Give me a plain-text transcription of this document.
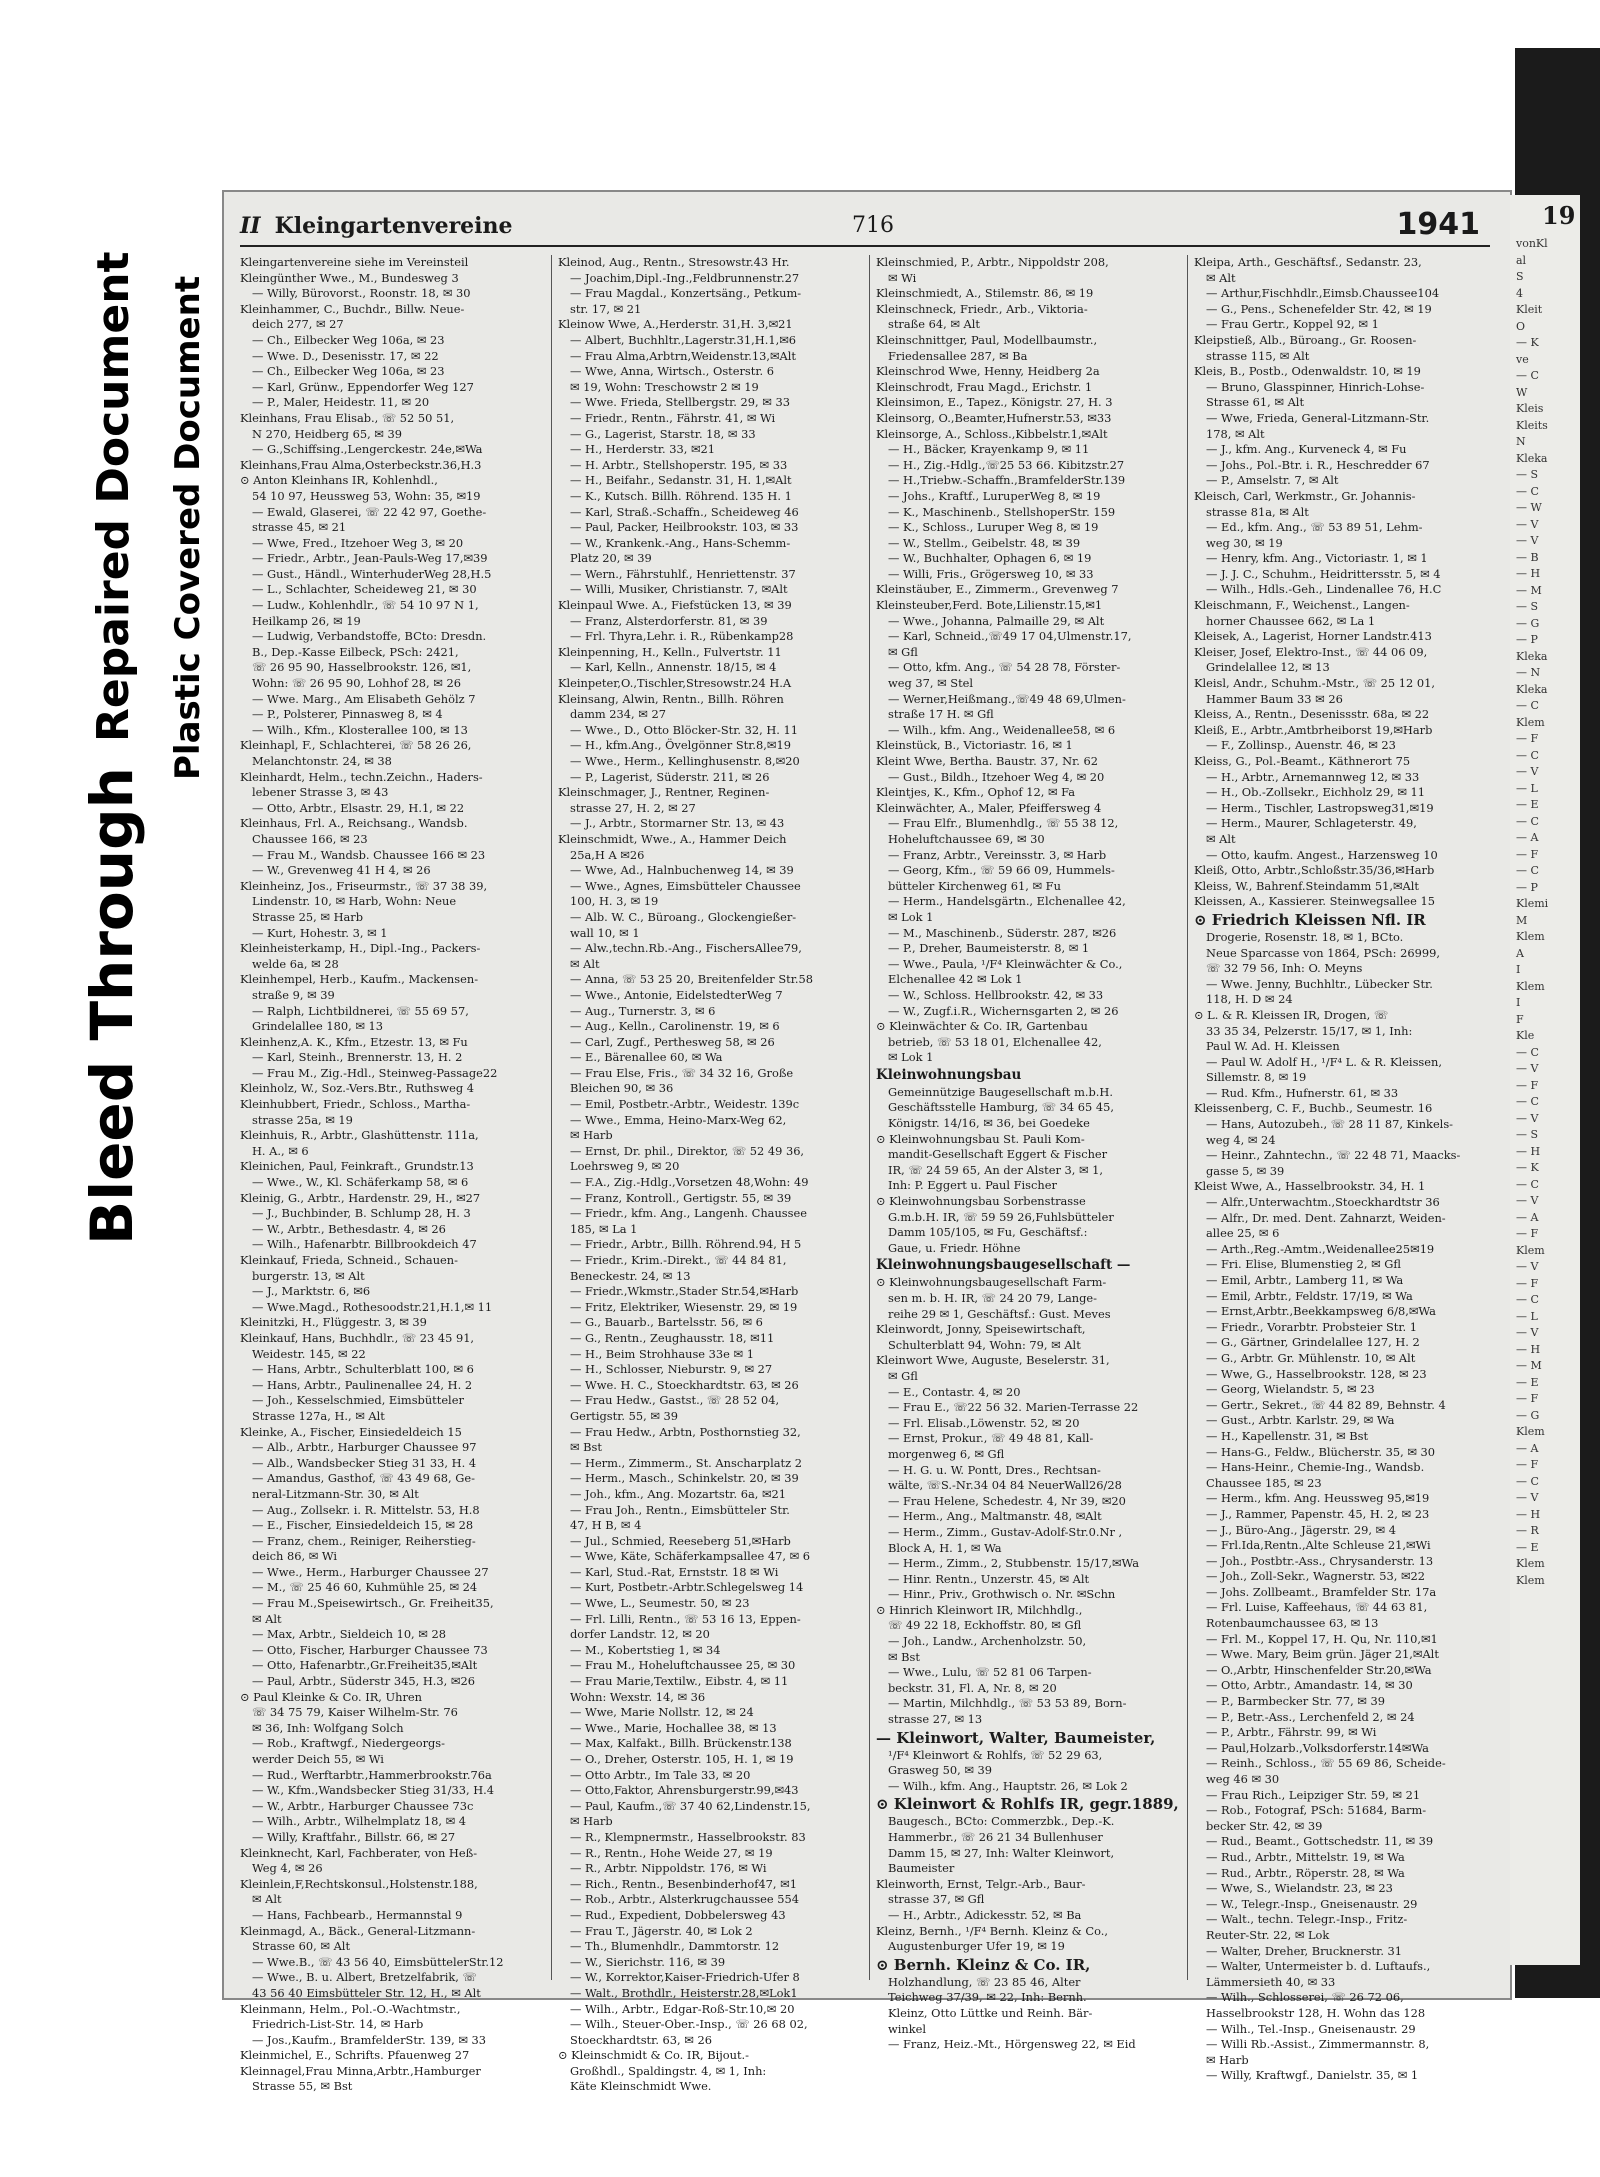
Bleed Through
Repaired Document Plastic Covered Document
19
vonKl
al
S
4
Kleit
O
— K
ve
— C
W
Kleis
Kleits
N
Kleka
— S
— C
— W
— V
— V
— B
— H
— M
— S
— G
— P
Kleka
— N
Kleka
— C
Klem
— F
— C
— V
— L
— E
— C
— A
— F
— C
— P
Klemi
M
Klem
A
I
Klem
I
F
Kle
— C
— V
— F
— C
— V
— S
— H
— K
— C
— V
— A
— F
Klem
— V
— F
— C
— L
— V
— H
— M
— E
— F
— G
Klem
— A
— F
— C
— V
— H
— R
— E
Klem
Klem
II Kleingartenvereine	716	1941
Kleingartenvereine siehe im Vereinsteil
Kleingünther Wwe., M., Bundesweg 3
— Willy, Bürovorst., Roonstr. 18, ✉ 30
Kleinhammer, C., Buchdr., Billw. Neue-
deich 277, ✉ 27
— Ch., Eilbecker Weg 106a, ✉ 23
— Wwe. D., Desenisstr. 17, ✉ 22
— Ch., Eilbecker Weg 106a, ✉ 23
— Karl, Grünw., Eppendorfer Weg 127
— P., Maler, Heidestr. 11, ✉ 20
Kleinhans, Frau Elisab., ☏ 52 50 51,
N 270, Heidberg 65, ✉ 39
— G.,Schiffsing.,Lengerckestr. 24e,✉Wa
Kleinhans,Frau Alma,Osterbeckstr.36,H.3
⊙ Anton Kleinhans IR, Kohlenhdl.,
54 10 97, Heussweg 53, Wohn: 35, ✉19
— Ewald, Glaserei, ☏ 22 42 97, Goethe-
strasse 45, ✉ 21
— Wwe, Fred., Itzehoer Weg 3, ✉ 20
— Friedr., Arbtr., Jean-Pauls-Weg 17,✉39
— Gust., Händl., WinterhuderWeg 28,H.5
— L., Schlachter, Scheideweg 21, ✉ 30
— Ludw., Kohlenhdlr., ☏ 54 10 97 N 1,
Heilkamp 26, ✉ 19
— Ludwig, Verbandstoffe, BCto: Dresdn.
B., Dep.-Kasse Eilbeck, PSch: 2421,
☏ 26 95 90, Hasselbrookstr. 126, ✉1,
Wohn: ☏ 26 95 90, Lohhof 28, ✉ 26
— Wwe. Marg., Am Elisabeth Gehölz 7
— P., Polsterer, Pinnasweg 8, ✉ 4
— Wilh., Kfm., Klosterallee 100, ✉ 13
Kleinhapl, F., Schlachterei, ☏ 58 26 26,
Melanchtonstr. 24, ✉ 38
Kleinhardt, Helm., techn.Zeichn., Haders-
lebener Strasse 3, ✉ 43
— Otto, Arbtr., Elsastr. 29, H.1, ✉ 22
Kleinhaus, Frl. A., Reichsang., Wandsb.
Chaussee 166, ✉ 23
— Frau M., Wandsb. Chaussee 166 ✉ 23
— W., Grevenweg 41 H 4, ✉ 26
Kleinheinz, Jos., Friseurmstr., ☏ 37 38 39,
Lindenstr. 10, ✉ Harb, Wohn: Neue
Strasse 25, ✉ Harb
— Kurt, Hohestr. 3, ✉ 1
Kleinheisterkamp, H., Dipl.-Ing., Packers-
welde 6a, ✉ 28
Kleinhempel, Herb., Kaufm., Mackensen-
straße 9, ✉ 39
— Ralph, Lichtbildnerei, ☏ 55 69 57,
Grindelallee 180, ✉ 13
Kleinhenz,A. K., Kfm., Etzestr. 13, ✉ Fu
— Karl, Steinh., Brennerstr. 13, H. 2
— Frau M., Zig.-Hdl., Steinweg-Passage22
Kleinholz, W., Soz.-Vers.Btr., Ruthsweg 4
Kleinhubbert, Friedr., Schloss., Martha-
strasse 25a, ✉ 19
Kleinhuis, R., Arbtr., Glashüttenstr. 111a,
H. A., ✉ 6
Kleinichen, Paul, Feinkraft., Grundstr.13
— Wwe., W., Kl. Schäferkamp 58, ✉ 6
Kleinig, G., Arbtr., Hardenstr. 29, H., ✉27
— J., Buchbinder, B. Schlump 28, H. 3
— W., Arbtr., Bethesdastr. 4, ✉ 26
— Wilh., Hafenarbtr. Billbrookdeich 47
Kleinkauf, Frieda, Schneid., Schauen-
burgerstr. 13, ✉ Alt
— J., Marktstr. 6, ✉6
— Wwe.Magd., Rothesoodstr.21,H.1,✉ 11
Kleinitzki, H., Flüggestr. 3, ✉ 39
Kleinkauf, Hans, Buchhdlr., ☏ 23 45 91,
Weidestr. 145, ✉ 22
— Hans, Arbtr., Schulterblatt 100, ✉ 6
— Hans, Arbtr., Paulinenallee 24, H. 2
— Joh., Kesselschmied, Eimsbütteler
Strasse 127a, H., ✉ Alt
Kleinke, A., Fischer, Einsiedeldeich 15
— Alb., Arbtr., Harburger Chaussee 97
— Alb., Wandsbecker Stieg 31 33, H. 4
— Amandus, Gasthof, ☏ 43 49 68, Ge-
neral-Litzmann-Str. 30, ✉ Alt
— Aug., Zollsekr. i. R. Mittelstr. 53, H.8
— E., Fischer, Einsiedeldeich 15, ✉ 28
— Franz, chem., Reiniger, Reiherstieg-
deich 86, ✉ Wi
— Wwe., Herm., Harburger Chaussee 27
— M., ☏ 25 46 60, Kuhmühle 25, ✉ 24
— Frau M.,Speisewirtsch., Gr. Freiheit35,
✉ Alt
— Max, Arbtr., Sieldeich 10, ✉ 28
— Otto, Fischer, Harburger Chaussee 73
— Otto, Hafenarbtr.,Gr.Freiheit35,✉Alt
— Paul, Arbtr., Süderstr 345, H.3, ✉26
⊙ Paul Kleinke & Co. IR, Uhren
☏ 34 75 79, Kaiser Wilhelm-Str. 76
✉ 36, Inh: Wolfgang Solch
— Rob., Kraftwgf., Niedergeorgs-
werder Deich 55, ✉ Wi
— Rud., Werftarbtr.,Hammerbrookstr.76a
— W., Kfm.,Wandsbecker Stieg 31/33, H.4
— W., Arbtr., Harburger Chaussee 73c
— Wilh., Arbtr., Wilhelmplatz 18, ✉ 4
— Willy, Kraftfahr., Billstr. 66, ✉ 27
Kleinknecht, Karl, Fachberater, von Heß-
Weg 4, ✉ 26
Kleinlein,F,Rechtskonsul.,Holstenstr.188,
✉ Alt
— Hans, Fachbearb., Hermannstal 9
Kleinmagd, A., Bäck., General-Litzmann-
Strasse 60, ✉ Alt
— Wwe.B., ☏ 43 56 40, EimsbüttelerStr.12
— Wwe., B. u. Albert, Bretzelfabrik, ☏
43 56 40 Eimsbütteler Str. 12, H., ✉ Alt
Kleinmann, Helm., Pol.-O.-Wachtmstr.,
Friedrich-List-Str. 14, ✉ Harb
— Jos.,Kaufm., BramfelderStr. 139, ✉ 33
Kleinmichel, E., Schrifts. Pfauenweg 27
Kleinnagel,Frau Minna,Arbtr.,Hamburger
Strasse 55, ✉ Bst
Kleinod, Aug., Rentn., Stresowstr.43 Hr.
— Joachim,Dipl.-Ing.,Feldbrunnenstr.27
— Frau Magdal., Konzertsäng., Petkum-
str. 17, ✉ 21
Kleinow Wwe, A.,Herderstr. 31,H. 3,✉21
— Albert, Buchhltr.,Lagerstr.31,H.1,✉6
— Frau Alma,Arbtrn,Weidenstr.13,✉Alt
— Wwe, Anna, Wirtsch., Osterstr. 6
✉ 19, Wohn: Treschowstr 2 ✉ 19
— Wwe. Frieda, Stellbergstr. 29, ✉ 33
— Friedr., Rentn., Fährstr. 41, ✉ Wi
— G., Lagerist, Starstr. 18, ✉ 33
— H., Herderstr. 33, ✉21
— H. Arbtr., Stellshoperstr. 195, ✉ 33
— H., Beifahr., Sedanstr. 31, H. 1,✉Alt
— K., Kutsch. Billh. Röhrend. 135 H. 1
— Karl, Straß.-Schaffn., Scheideweg 46
— Paul, Packer, Heilbrookstr. 103, ✉ 33
— W., Krankenk.-Ang., Hans-Schemm-
Platz 20, ✉ 39
— Wern., Fährstuhlf., Henriettenstr. 37
— Willi, Musiker, Christianstr. 7, ✉Alt
Kleinpaul Wwe. A., Fiefstücken 13, ✉ 39
— Franz, Alsterdorferstr. 81, ✉ 39
— Frl. Thyra,Lehr. i. R., Rübenkamp28
Kleinpenning, H., Kelln., Fulvertstr. 11
— Karl, Kelln., Annenstr. 18/15, ✉ 4
Kleinpeter,O.,Tischler,Stresowstr.24 H.A
Kleinsang, Alwin, Rentn., Billh. Röhren
damm 234, ✉ 27
— Wwe., D., Otto Blöcker-Str. 32, H. 11
— H., kfm.Ang., Övelgönner Str.8,✉19
— Wwe., Herm., Kellinghusenstr. 8,✉20
— P., Lagerist, Süderstr. 211, ✉ 26
Kleinschmager, J., Rentner, Reginen-
strasse 27, H. 2, ✉ 27
— J., Arbtr., Stormarner Str. 13, ✉ 43
Kleinschmidt, Wwe., A., Hammer Deich
25a,H A ✉26
— Wwe, Ad., Halnbuchenweg 14, ✉ 39
— Wwe., Agnes, Eimsbütteler Chaussee
100, H. 3, ✉ 19
— Alb. W. C., Büroang., Glockengießer-
wall 10, ✉ 1
— Alw.,techn.Rb.-Ang., FischersAllee79,
✉ Alt
— Anna, ☏ 53 25 20, Breitenfelder Str.58
— Wwe., Antonie, EidelstedterWeg 7
— Aug., Turnerstr. 3, ✉ 6
— Aug., Kelln., Carolinenstr. 19, ✉ 6
— Carl, Zugf., Pertheswеg 58, ✉ 26
— E., Bärenallee 60, ✉ Wa
— Frau Else, Fris., ☏ 34 32 16, Große
Bleichen 90, ✉ 36
— Emil, Postbetr.-Arbtr., Weidestr. 139c
— Wwe., Emma, Heino-Marx-Weg 62,
✉ Harb
— Ernst, Dr. phil., Direktor, ☏ 52 49 36,
Loehrsweg 9, ✉ 20
— F.A., Zig.-Hdlg.,Vorsetzen 48,Wohn: 49
— Franz, Kontroll., Gertigstr. 55, ✉ 39
— Friedr., kfm. Ang., Langenh. Chaussee
185, ✉ La 1
— Friedr., Arbtr., Billh. Röhrend.94, H 5
— Friedr., Krim.-Direkt., ☏ 44 84 81,
Beneckestr. 24, ✉ 13
— Friedr.,Wkmstr.,Stader Str.54,✉Harb
— Fritz, Elektriker, Wiesenstr. 29, ✉ 19
— G., Bauarb., Bartelsstr. 56, ✉ 6
— G., Rentn., Zeughausstr. 18, ✉11
— H., Beim Strohhause 33e ✉ 1
— H., Schlosser, Nieburstr. 9, ✉ 27
— Wwe. H. C., Stoeckhardtstr. 63, ✉ 26
— Frau Hedw., Gastst., ☏ 28 52 04,
Gertigstr. 55, ✉ 39
— Frau Hedw., Arbtn, Posthornstieg 32,
✉ Bst
— Herm., Zimmerm., St. Anscharplatz 2
— Herm., Masch., Schinkelstr. 20, ✉ 39
— Joh., kfm., Ang. Mozartstr. 6a, ✉21
— Frau Joh., Rentn., Eimsbütteler Str.
47, H B, ✉ 4
— Jul., Schmied, Reeseberg 51,✉Harb
— Wwe, Käte, Schäferkampsallee 47, ✉ 6
— Karl, Stud.-Rat, Ernststr. 18 ✉ Wi
— Kurt, Postbetr.-Arbtr.Schlegelsweg 14
— Wwe, L., Seumestr. 50, ✉ 23
— Frl. Lilli, Rentn., ☏ 53 16 13, Eppen-
dorfer Landstr. 12, ✉ 20
— M., Kobertstieg 1, ✉ 34
— Frau M., Hoheluftchaussee 25, ✉ 30
— Frau Marie,Textilw., Eibstr. 4, ✉ 11
Wohn: Wexstr. 14, ✉ 36
— Wwe, Marie Nollstr. 12, ✉ 24
— Wwe., Marie, Hochallee 38, ✉ 13
— Max, Kalfakt., Billh. Brückenstr.138
— O., Dreher, Osterstr. 105, H. 1, ✉ 19
— Otto Arbtr., Im Tale 33, ✉ 20
— Otto,Faktor, Ahrensburgerstr.99,✉43
— Paul, Kaufm.,☏ 37 40 62,Lindenstr.15,
✉ Harb
— R., Klempnermstr., Hasselbrookstr. 83
— R., Rentn., Hohe Weide 27, ✉ 19
— R., Arbtr. Nippoldstr. 176, ✉ Wi
— Rich., Rentn., Besenbinderhof47, ✉1
— Rob., Arbtr., Alsterkrugchaussee 554
— Rud., Expedient, Dobbelersweg 43
— Frau T., Jägerstr. 40, ✉ Lok 2
— Th., Blumenhdlr., Dammtorstr. 12
— W., Sierichstr. 116, ✉ 39
— W., Korrektor,Kaiser-Friedrich-Ufer 8
— Walt., Brothdlr., Heisterstr.28,✉Lok1
— Wilh., Arbtr., Edgar-Roß-Str.10,✉ 20
— Wilh., Steuer-Ober.-Insp., ☏ 26 68 02,
Stoeckhardtstr. 63, ✉ 26
⊙ Kleinschmidt & Co. IR, Bijout.-
Großhdl., Spaldingstr. 4, ✉ 1, Inh:
Käte Kleinschmidt Wwe.
Kleinschmied, P., Arbtr., Nippoldstr 208,
✉ Wi
Kleinschmiedt, A., Stilemstr. 86, ✉ 19
Kleinschneck, Friedr., Arb., Viktoria-
straße 64, ✉ Alt
Kleinschnittger, Paul, Modellbaumstr.,
Friedensallee 287, ✉ Ba
Kleinschrod Wwe, Henny, Heidberg 2a
Kleinschrodt, Frau Magd., Erichstr. 1
Kleinsimon, E., Tapez., Königstr. 27, H. 3
Kleinsorg, O.,Beamter,Hufnerstr.53, ✉33
Kleinsorge, A., Schloss.,Kibbelstr.1,✉Alt
— H., Bäcker, Krayenkamp 9, ✉ 11
— H., Zig.-Hdlg.,☏25 53 66. Kibitzstr.27
— H.,Triebw.-Schaffn.,BramfelderStr.139
— Johs., Kraftf., LuruperWeg 8, ✉ 19
— K., Maschinenb., StellshoperStr. 159
— K., Schloss., Luruper Weg 8, ✉ 19
— W., Stellm., Geibelstr. 48, ✉ 39
— W., Buchhalter, Ophagen 6, ✉ 19
— Willi, Fris., Grögersweg 10, ✉ 33
Kleinstäuber, E., Zimmerm., Grevenweg 7
Kleinsteuber,Ferd. Bote,Lilienstr.15,✉1
— Wwe., Johanna, Palmaille 29, ✉ Alt
— Karl, Schneid.,☏49 17 04,Ulmenstr.17,
✉ Gfl
— Otto, kfm. Ang., ☏ 54 28 78, Förster-
weg 37, ✉ Stel
— Werner,Heißmang.,☏49 48 69,Ulmen-
straße 17 H. ✉ Gfl
— Wilh., kfm. Ang., Weidenallee58, ✉ 6
Kleinstück, B., Victoriastr. 16, ✉ 1
Kleint Wwe, Bertha. Baustr. 37, Nr. 62
— Gust., Bildh., Itzehoer Weg 4, ✉ 20
Kleintjes, K., Kfm., Ophof 12, ✉ Fa
Kleinwächter, A., Maler, Pfeiffersweg 4
— Frau Elfr., Blumenhdlg., ☏ 55 38 12,
Hoheluftchaussee 69, ✉ 30
— Franz, Arbtr., Vereinsstr. 3, ✉ Harb
— Georg, Kfm., ☏ 59 66 09, Hummels-
bütteler Kirchenweg 61, ✉ Fu
— Herm., Handelsgärtn., Elchenallee 42,
✉ Lok 1
— M., Maschinenb., Süderstr. 287, ✉26
— P., Dreher, Baumeisterstr. 8, ✉ 1
— Wwe., Paula, ¹/F⁴ Kleinwächter & Co.,
Elchenallee 42 ✉ Lok 1
— W., Schloss. Hellbrookstr. 42, ✉ 33
— W., Zugf.i.R., Wichernsgarten 2, ✉ 26
⊙ Kleinwächter & Co. IR, Gartenbau
betrieb, ☏ 53 18 01, Elchenallee 42,
✉ Lok 1
Kleinwohnungsbau
Gemeinnützige Baugesellschaft m.b.H.
Geschäftsstelle Hamburg, ☏ 34 65 45,
Königstr. 14/16, ✉ 36, bei Goedeke
⊙ Kleinwohnungsbau St. Pauli Kom-
mandit-Gesellschaft Eggert & Fischer
IR, ☏ 24 59 65, An der Alster 3, ✉ 1,
Inh: P. Eggert u. Paul Fischer
⊙ Kleinwohnungsbau Sorbenstrasse
G.m.b.H. IR, ☏ 59 59 26,Fuhlsbütteler
Damm 105/105, ✉ Fu, Geschäftsf.:
Gaue, u. Friedr. Höhne
Kleinwohnungsbaugesellschaft —
⊙ Kleinwohnungsbaugesellschaft Farm-
sen m. b. H. IR, ☏ 24 20 79, Lange-
reihe 29 ✉ 1, Geschäftsf.: Gust. Meves
Kleinwordt, Jonny, Speisewirtschaft,
Schulterblatt 94, Wohn: 79, ✉ Alt
Kleinwort Wwe, Auguste, Beselerstr. 31,
✉ Gfl
— E., Contastr. 4, ✉ 20
— Frau E., ☏22 56 32. Marien-Terrasse 22
— Frl. Elisab.,Löwenstr. 52, ✉ 20
— Ernst, Prokur., ☏ 49 48 81, Kall-
morgenweg 6, ✉ Gfl
— H. G. u. W. Pontt, Dres., Rechtsan-
wälte, ☏S.-Nr.34 04 84 NeuerWall26/28
— Frau Helene, Schedestr. 4, Nr 39, ✉20
— Herm., Ang., Maltmanstr. 48, ✉Alt
— Herm., Zimm., Gustav-Adolf-Str.0.Nr ,
Block A, H. 1, ✉ Wa
— Herm., Zimm., 2, Stubbenstr. 15/17,✉Wa
— Hinr. Rentn., Unzerstr. 45, ✉ Alt
— Hinr., Priv., Grothwisch o. Nr. ✉Schn
⊙ Hinrich Kleinwort IR, Milchhdlg.,
☏ 49 22 18, Eckhoffstr. 80, ✉ Gfl
— Joh., Landw., Archenholzstr. 50,
✉ Bst
— Wwe., Lulu, ☏ 52 81 06 Tarpen-
beckstr. 31, Fl. A, Nr. 8, ✉ 20
— Martin, Milchhdlg., ☏ 53 53 89, Born-
strasse 27, ✉ 13
— Kleinwort, Walter, Baumeister,
¹/F⁴ Kleinwort & Rohlfs, ☏ 52 29 63,
Grasweg 50, ✉ 39
— Wilh., kfm. Ang., Hauptstr. 26, ✉ Lok 2
⊙ Kleinwort & Rohlfs IR, gegr.1889,
Baugesch., BCto: Commerzbk., Dep.-K.
Hammerbr., ☏ 26 21 34 Bullenhuser
Damm 15, ✉ 27, Inh: Walter Kleinwort,
Baumeister
Kleinworth, Ernst, Telgr.-Arb., Baur-
strasse 37, ✉ Gfl
— H., Arbtr., Adickesstr. 52, ✉ Ba
Kleinz, Bernh., ¹/F⁴ Bernh. Kleinz & Co.,
Augustenburger Ufer 19, ✉ 19
⊙ Bernh. Kleinz & Co. IR,
Holzhandlung, ☏ 23 85 46, Alter
Teichweg 37/39, ✉ 22, Inh: Bernh.
Kleinz, Otto Lüttke und Reinh. Bär-
winkel
— Franz, Heiz.-Mt., Hörgensweg 22, ✉ Eid
Kleipa, Arth., Geschäftsf., Sedanstr. 23,
✉ Alt
— Arthur,Fischhdlr.,Eimsb.Chaussee104
— G., Pens., Schenefelder Str. 42, ✉ 19
— Frau Gertr., Koppel 92, ✉ 1
Kleipstieß, Alb., Büroang., Gr. Roosen-
strasse 115, ✉ Alt
Kleis, B., Postb., Odenwaldstr. 10, ✉ 19
— Bruno, Glasspinner, Hinrich-Lohse-
Strasse 61, ✉ Alt
— Wwe, Frieda, General-Litzmann-Str.
178, ✉ Alt
— J., kfm. Ang., Kurveneck 4, ✉ Fu
— Johs., Pol.-Btr. i. R., Heschredder 67
— P., Amselstr. 7, ✉ Alt
Kleisch, Carl, Werkmstr., Gr. Johannis-
strasse 81a, ✉ Alt
— Ed., kfm. Ang., ☏ 53 89 51, Lehm-
weg 30, ✉ 19
— Henry, kfm. Ang., Victoriastr. 1, ✉ 1
— J. J. C., Schuhm., Heidrittersstr. 5, ✉ 4
— Wilh., Hdls.-Geh., Lindenallee 76, H.C
Kleischmann, F., Weichenst., Langen-
horner Chaussee 662, ✉ La 1
Kleisek, A., Lagerist, Horner Landstr.413
Kleiser, Josef, Elektro-Inst., ☏ 44 06 09,
Grindelallee 12, ✉ 13
Kleisl, Andr., Schuhm.-Mstr., ☏ 25 12 01,
Hammer Baum 33 ✉ 26
Kleiss, A., Rentn., Desenissstr. 68a, ✉ 22
Kleiß, E., Arbtr.,Amtbrheiborst 19,✉Harb
— F., Zollinsp., Auenstr. 46, ✉ 23
Kleiss, G., Pol.-Beamt., Käthnerort 75
— H., Arbtr., Arnemannweg 12, ✉ 33
— H., Ob.-Zollsekr., Eichholz 29, ✉ 11
— Herm., Tischler, Lastropsweg31,✉19
— Herm., Maurer, Schlageterstr. 49,
✉ Alt
— Otto, kaufm. Angest., Harzensweg 10
Kleiß, Otto, Arbtr.,Schloßstr.35/36,✉Harb
Kleiss, W., Bahrenf.Steindamm 51,✉Alt
Kleissen, A., Kassierer. Steinwegsallee 15
⊙ Friedrich Kleissen Nfl. IR
Drogerie, Rosenstr. 18, ✉ 1, BCto.
Neue Sparcasse von 1864, PSch: 26999,
☏ 32 79 56, Inh: O. Meyns
— Wwe. Jenny, Buchhltr., Lübecker Str.
118, H. D ✉ 24
⊙ L. & R. Kleissen IR, Drogen, ☏
33 35 34, Pelzerstr. 15/17, ✉ 1, Inh:
Paul W. Ad. H. Kleissen
— Paul W. Adolf H., ¹/F⁴ L. & R. Kleissen,
Sillemstr. 8, ✉ 19
— Rud. Kfm., Hufnerstr. 61, ✉ 33
Kleissenberg, C. F., Buchb., Seumestr. 16
— Hans, Autozubeh., ☏ 28 11 87, Kinkels-
weg 4, ✉ 24
— Heinr., Zahntechn., ☏ 22 48 71, Maacks-
gasse 5, ✉ 39
Kleist Wwe, A., Hasselbrookstr. 34, H. 1
— Alfr.,Unterwachtm.,Stoeckhardtstr 36
— Alfr., Dr. med. Dent. Zahnarzt, Weiden-
allee 25, ✉ 6
— Arth.,Reg.-Amtm.,Weidenallee25✉19
— Fri. Elise, Blumenstieg 2, ✉ Gfl
— Emil, Arbtr., Lamberg 11, ✉ Wa
— Emil, Arbtr., Feldstr. 17/19, ✉ Wa
— Ernst,Arbtr.,Beekkampsweg 6/8,✉Wa
— Friedr., Vorarbtr. Probsteier Str. 1
— G., Gärtner, Grindelallee 127, H. 2
— G., Arbtr. Gr. Mühlenstr. 10, ✉ Alt
— Wwe, G., Hasselbrookstr. 128, ✉ 23
— Georg, Wielandstr. 5, ✉ 23
— Gertr., Sekret., ☏ 44 82 89, Behnstr. 4
— Gust., Arbtr. Karlstr. 29, ✉ Wa
— H., Kapellenstr. 31, ✉ Bst
— Hans-G., Feldw., Blücherstr. 35, ✉ 30
— Hans-Heinr., Chemie-Ing., Wandsb.
Chaussee 185, ✉ 23
— Herm., kfm. Ang. Heussweg 95,✉19
— J., Rammer, Papenstr. 45, H. 2, ✉ 23
— J., Büro-Ang., Jägerstr. 29, ✉ 4
— Frl.Ida,Rentn.,Alte Schleuse 21,✉Wi
— Joh., Postbtr.-Ass., Chrysanderstr. 13
— Joh., Zoll-Sekr., Wagnerstr. 53, ✉22
— Johs. Zollbeamt., Bramfelder Str. 17a
— Frl. Luise, Kaffeehaus, ☏ 44 63 81,
Rotenbaumchaussee 63, ✉ 13
— Frl. M., Koppel 17, H. Qu, Nr. 110,✉1
— Wwe. Mary, Beim grün. Jäger 21,✉Alt
— O.,Arbtr, Hinschenfelder Str.20,✉Wa
— Otto, Arbtr., Amandastr. 14, ✉ 30
— P., Barmbecker Str. 77, ✉ 39
— P., Betr.-Ass., Lerchenfeld 2, ✉ 24
— P., Arbtr., Fährstr. 99, ✉ Wi
— Paul,Holzarb.,Volksdorferstr.14✉Wa
— Reinh., Schloss., ☏ 55 69 86, Scheide-
weg 46 ✉ 30
— Frau Rich., Leipziger Str. 59, ✉ 21
— Rob., Fotograf, PSch: 51684, Barm-
becker Str. 42, ✉ 39
— Rud., Beamt., Gottschedstr. 11, ✉ 39
— Rud., Arbtr., Mittelstr. 19, ✉ Wa
— Rud., Arbtr., Röperstr. 28, ✉ Wa
— Wwe, S., Wielandstr. 23, ✉ 23
— W., Telegr.-Insp., Gneisenaustr. 29
— Walt., techn. Telegr.-Insp., Fritz-
Reuter-Str. 22, ✉ Lok
— Walter, Dreher, Brucknerstr. 31
— Walter, Untermeister b. d. Luftaufs.,
Lämmersieth 40, ✉ 33
— Wilh., Schlosserei, ☏ 26 72 06,
Hasselbrookstr 128, H. Wohn das 128
— Wilh., Tel.-Insp., Gneisenaustr. 29
— Willi Rb.-Assist., Zimmermannstr. 8,
✉ Harb
— Willy, Kraftwgf., Danielstr. 35, ✉ 1
